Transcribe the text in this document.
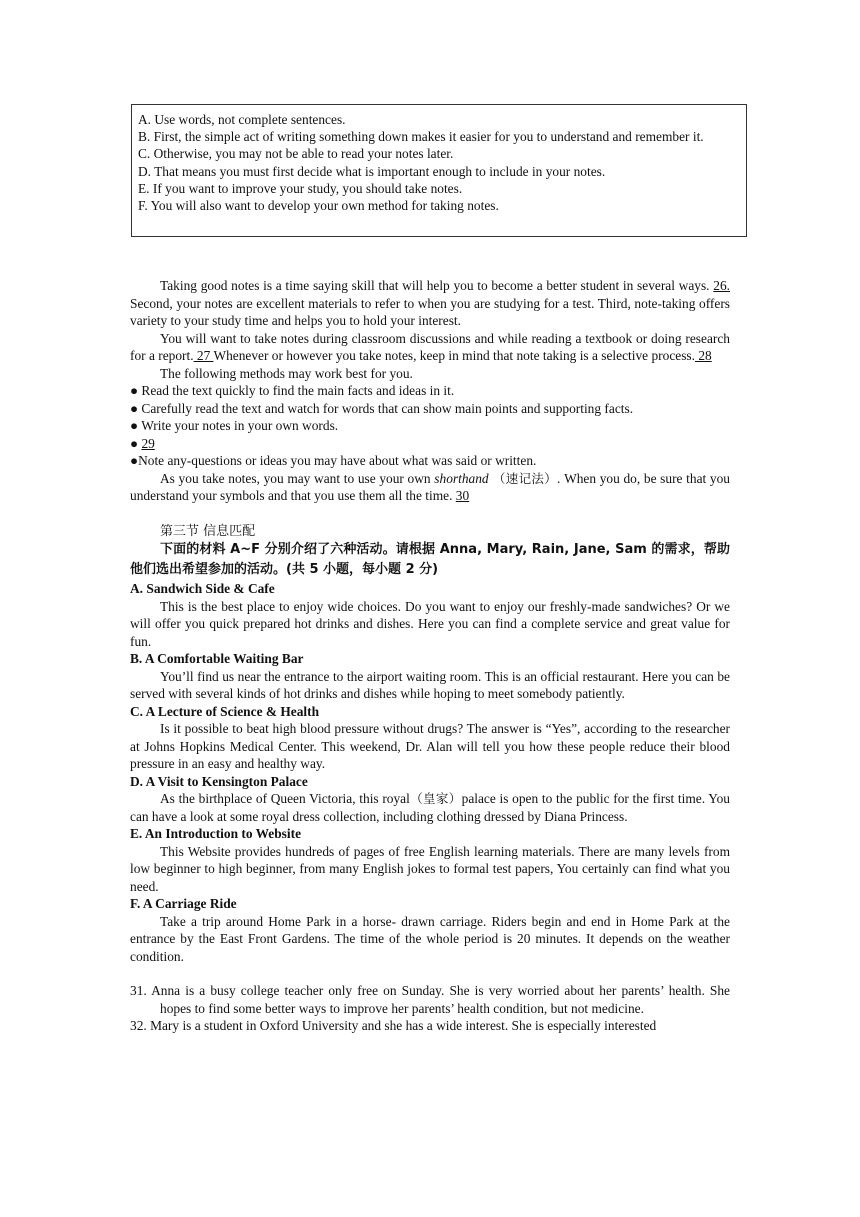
A. Use words, not complete sentences.
B. First, the simple act of writing something down makes it easier for you to understand and remember it.
C. Otherwise, you may not be able to read your notes later.
D. That means you must first decide what is important enough to include in your notes.
E. If you want to improve your study, you should take notes.
F. You will also want to develop your own method for taking notes.
Taking good notes is a time saying skill that will help you to become a better student in several ways. 26. Second, your notes are excellent materials to refer to when you are studying for a test. Third, note-taking offers variety to your study time and helps you to hold your interest.
You will want to take notes during classroom discussions and while reading a textbook or doing research for a report. 27 Whenever or however you take notes, keep in mind that note taking is a selective process. 28
The following methods may work best for you.
● Read the text quickly to find the main facts and ideas in it.
● Carefully read the text and watch for words that can show main points and supporting facts.
● Write your notes in your own words.
● 29
●Note any-questions or ideas you may have about what was said or written.
As you take notes, you may want to use your own shorthand （速记法）. When you do, be sure that you understand your symbols and that you use them all the time. 30
第三节 信息匹配
下面的材料 A~F 分别介绍了六种活动。请根据 Anna, Mary, Rain, Jane, Sam 的需求，帮助他们选出希望参加的活动。(共 5 小题，每小题 2 分)
A. Sandwich Side & Cafe
This is the best place to enjoy wide choices. Do you want to enjoy our freshly-made sandwiches? Or we will offer you quick prepared hot drinks and dishes. Here you can find a complete service and great value for fun.
B. A Comfortable Waiting Bar
You’ll find us near the entrance to the airport waiting room. This is an official restaurant. Here you can be served with several kinds of hot drinks and dishes while hoping to meet somebody patiently.
C. A Lecture of Science & Health
Is it possible to beat high blood pressure without drugs? The answer is “Yes”, according to the researcher at Johns Hopkins Medical Center. This weekend, Dr. Alan will tell you how these people reduce their blood pressure in an easy and healthy way.
D. A Visit to Kensington Palace
As the birthplace of Queen Victoria, this royal（皇家）palace is open to the public for the first time. You can have a look at some royal dress collection, including clothing dressed by Diana Princess.
E. An Introduction to Website
This Website provides hundreds of pages of free English learning materials. There are many levels from low beginner to high beginner, from many English jokes to formal test papers, You certainly can find what you need.
F. A Carriage Ride
Take a trip around Home Park in a horse- drawn carriage. Riders begin and end in Home Park at the entrance by the East Front Gardens. The time of the whole period is 20 minutes. It depends on the weather condition.
31. Anna is a busy college teacher only free on Sunday. She is very worried about her parents’ health. She hopes to find some better ways to improve her parents’ health condition, but not medicine.
32. Mary is a student in Oxford University and she has a wide interest. She is especially interested
